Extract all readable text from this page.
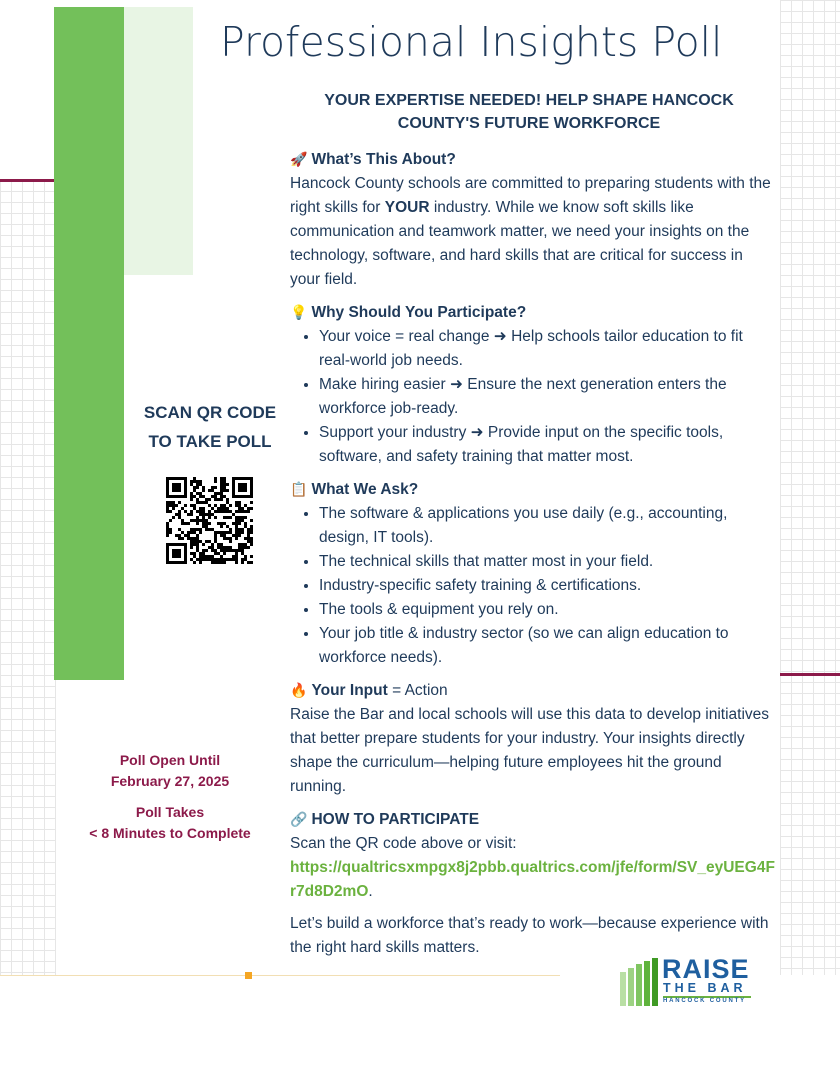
Professional Insights Poll
YOUR EXPERTISE NEEDED! HELP SHAPE HANCOCK COUNTY'S FUTURE WORKFORCE

🚀 What’s This About?

Hancock County schools are committed to preparing students with the right skills for YOUR industry. While we know soft skills like communication and teamwork matter, we need your insights on the technology, software, and hard skills that are critical for success in your field.

💡 Why Should You Participate?

• Your voice = real change ➜ Help schools tailor education to fit real-world job needs.
• Make hiring easier ➜ Ensure the next generation enters the workforce job-ready.
• Support your industry ➜ Provide input on the specific tools, software, and safety training that matter most.

📋 What We Ask?

• The software & applications you use daily (e.g., accounting, design, IT tools).
• The technical skills that matter most in your field.
• Industry-specific safety training & certifications.
• The tools & equipment you rely on.
• Your job title & industry sector (so we can align education to workforce needs).

🔥 Your Input = Action

Raise the Bar and local schools will use this data to develop initiatives that better prepare students for your industry. Your insights directly shape the curriculum—helping future employees hit the ground running.

🔗 HOW TO PARTICIPATE

Scan the QR code above or visit:
https://qualtricsxmpgx8j2pbb.qualtrics.com/jfe/form/SV_eyUEG4Fr7d8D2mO.

Let’s build a workforce that’s ready to work—because experience with the right hard skills matters.

SCAN QR CODE
TO TAKE POLL

Poll Open Until

February 27, 2025

Poll Takes

< 8 Minutes to Complete

RAISE
THE BAR
HANCOCK COUNTY
